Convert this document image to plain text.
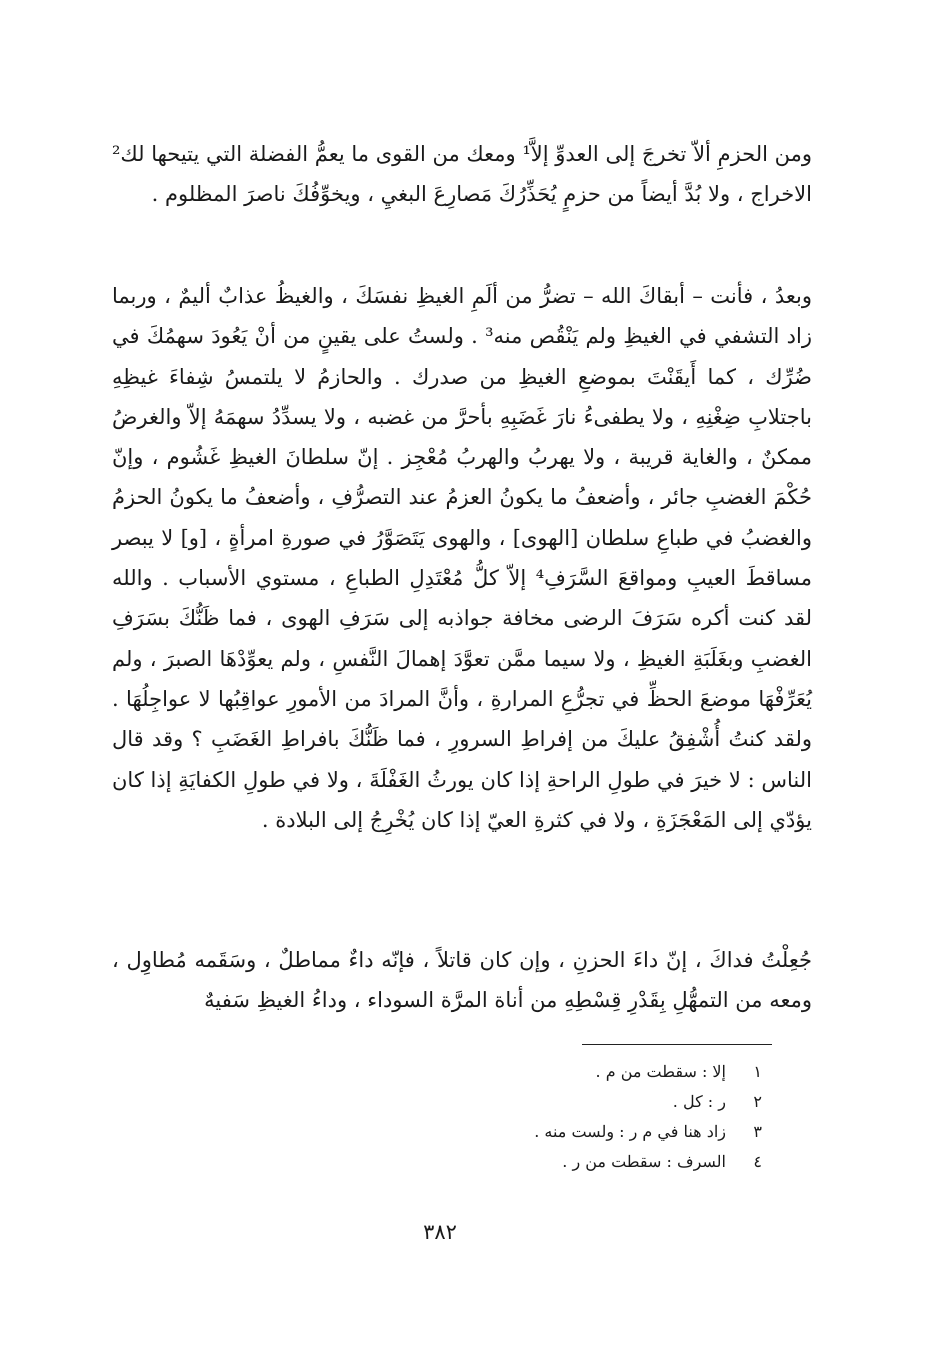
ومن الحزمِ ألاّ تخرجَ إلى العدوِّ إلاَّ¹ ومعك من القوى ما يعمُّ الفضلة التي يتيحها لك² الاخراج ، ولا بُدَّ أيضاً من حزمٍ يُحَذِّرُكَ مَصارِعَ البغيِ ، ويخوِّفُكَ ناصرَ المظلوم .

وبعدُ ، فأنت – أبقاكَ الله – تضرُّ من ألَمِ الغيظِ نفسَكَ ، والغيظُ عذابٌ أليمٌ ، وربما زاد التشفي في الغيظِ ولم يَنْقُص منه³ . ولستُ على يقينٍ من أنْ يَعُودَ سهمُكَ في ضُرِّك ، كما أَيقَنْتَ بموضعِ الغيظِ من صدرك . والحازمُ لا يلتمسُ شِفاءَ غيظِهِ باجتلابِ ضِغْنِهِ ، ولا يطفىءُ نارَ غَضَبِهِ بأحرَّ من غضبه ، ولا يسدِّدُ سهمَهُ إلاّ والغرضُ ممكنٌ ، والغاية قريبة ، ولا يهربُ والهربُ مُعْجِز . إنّ سلطانَ الغيظِ غَشُوم ، وإنّ حُكْمَ الغضبِ جائر ، وأضعفُ ما يكونُ العزمُ عند التصرُّفِ ، وأضعفُ ما يكونُ الحزمُ والغضبُ في طباعِ سلطان [الهوى] ، والهوى يَتَصَوَّرُ في صورةِ امرأةٍ ، [و] لا يبصر مساقطَ العيبِ ومواقعَ السَّرَفِ⁴ إلاّ كلُّ مُعْتَدِلِ الطباعِ ، مستوي الأسباب . والله لقد كنت أكره سَرَفَ الرضى مخافة جواذبه إلى سَرَفِ الهوى ، فما ظَنُّكَ بسَرَفِ الغضبِ وبغَلَبَةِ الغيظِ ، ولا سيما ممَّن تعوَّدَ إهمالَ النَّفسِ ، ولم يعوِّدْهَا الصبرَ ، ولم يُعَرِّفْهَا موضعَ الحظِّ في تجرُّعِ المرارةِ ، وأنَّ المرادَ من الأمورِ عواقِبُها لا عواجِلُهَا . ولقد كنتُ أُشْفِقُ عليكَ من إفراطِ السرورِ ، فما ظَنُّكَ بافراطِ الغَضَبِ ؟ وقد قال الناس : لا خيرَ في طولِ الراحةِ إذا كان يورثُ الغَفْلَةَ ، ولا في طولِ الكفايَةِ إذا كان يؤدّي إلى المَعْجَزَةِ ، ولا في كثرةِ العيّ إذا كان يُخْرِجُ إلى البلادة .

جُعِلْتُ فداكَ ، إنّ داءَ الحزنِ ، وإن كان قاتلاً ، فإنّه داءٌ مماطلٌ ، وسَقَمه مُطاوِل ، ومعه من التمهُّلِ بِقَدْرِ قِسْطِهِ من أناة المرَّة السوداء ، وداءُ الغيظِ سَفيهٌ

١
إلا : سقطت من م .
٢
ر : كل .
٣
زاد هنا في م ر : ولست منه .
٤
السرف : سقطت من ر .
٣٨٢
